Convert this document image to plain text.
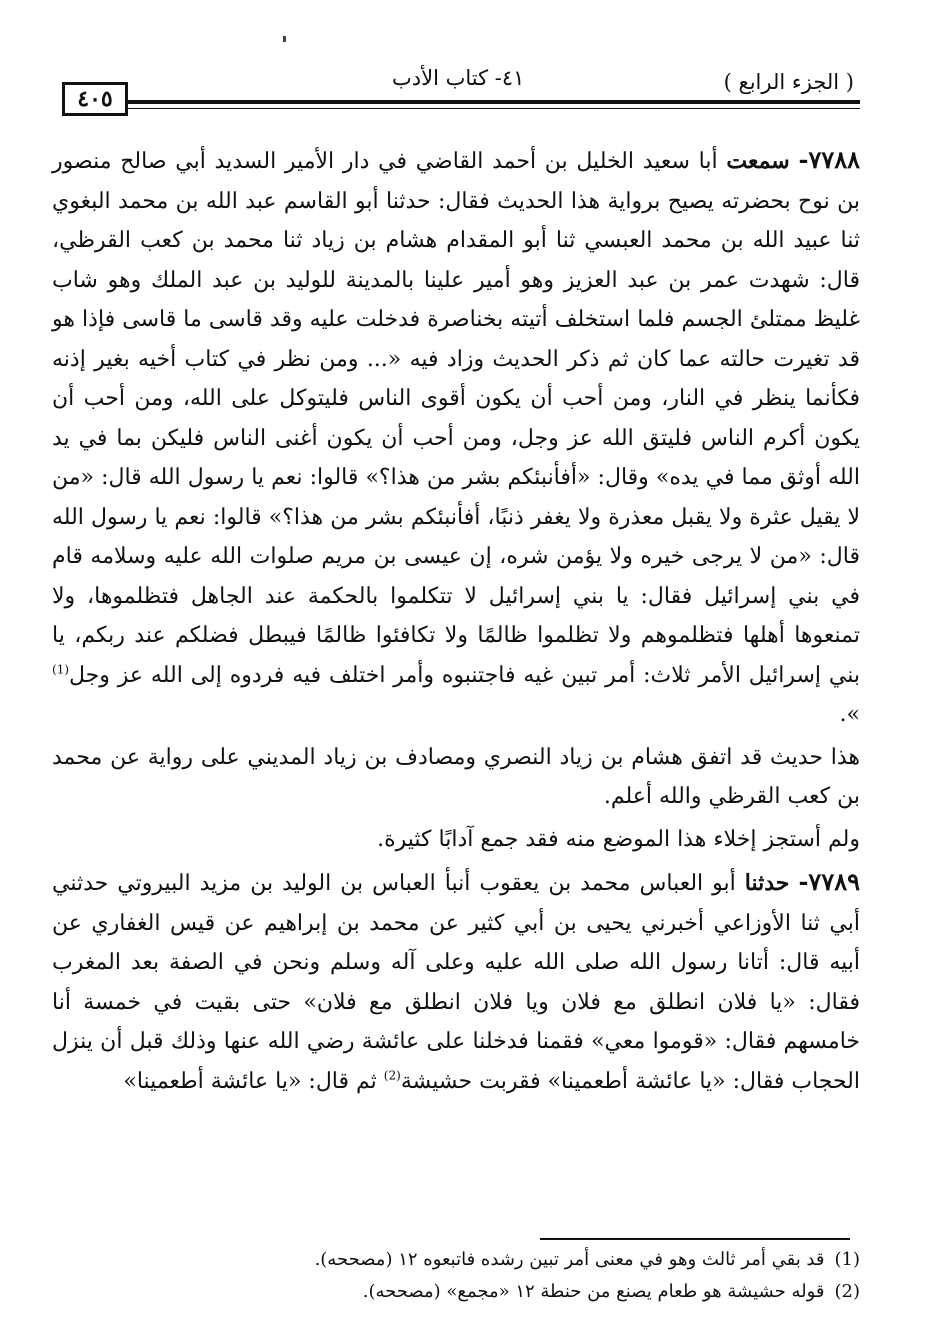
٤٠٥
٤١- كتاب الأدب	( الجزء الرابع )

٧٧٨٨- سمعت أبا سعيد الخليل بن أحمد القاضي في دار الأمير السديد أبي صالح منصور بن نوح بحضرته يصيح برواية هذا الحديث فقال: حدثنا أبو القاسم عبد الله بن محمد البغوي ثنا عبيد الله بن محمد العبسي ثنا أبو المقدام هشام بن زياد ثنا محمد بن كعب القرظي، قال: شهدت عمر بن عبد العزيز وهو أمير علينا بالمدينة للوليد بن عبد الملك وهو شاب غليظ ممتلئ الجسم فلما استخلف أتيته بخناصرة فدخلت عليه وقد قاسى ما قاسى فإذا هو قد تغيرت حالته عما كان ثم ذكر الحديث وزاد فيه «... ومن نظر في كتاب أخيه بغير إذنه فكأنما ينظر في النار، ومن أحب أن يكون أقوى الناس فليتوكل على الله، ومن أحب أن يكون أكرم الناس فليتق الله عز وجل، ومن أحب أن يكون أغنى الناس فليكن بما في يد الله أوثق مما في يده» وقال: «أفأنبئكم بشر من هذا؟» قالوا: نعم يا رسول الله قال: «من لا يقيل عثرة ولا يقبل معذرة ولا يغفر ذنبًا، أفأنبئكم بشر من هذا؟» قالوا: نعم يا رسول الله قال: «من لا يرجى خيره ولا يؤمن شره، إن عيسى بن مريم صلوات الله عليه وسلامه قام في بني إسرائيل فقال: يا بني إسرائيل لا تتكلموا بالحكمة عند الجاهل فتظلموها، ولا تمنعوها أهلها فتظلموهم ولا تظلموا ظالمًا ولا تكافئوا ظالمًا فيبطل فضلكم عند ربكم، يا بني إسرائيل الأمر ثلاث: أمر تبين غيه فاجتنبوه وأمر اختلف فيه فردوه إلى الله عز وجل$^{(1)}$ ».

هذا حديث قد اتفق هشام بن زياد النصري ومصادف بن زياد المديني على رواية عن محمد بن كعب القرظي والله أعلم.

ولم أستجز إخلاء هذا الموضع منه فقد جمع آدابًا كثيرة.

٧٧٨٩- حدثنا أبو العباس محمد بن يعقوب أنبأ العباس بن الوليد بن مزيد البيروتي حدثني أبي ثنا الأوزاعي أخبرني يحيى بن أبي كثير عن محمد بن إبراهيم عن قيس الغفاري عن أبيه قال: أتانا رسول الله صلى الله عليه وعلى آله وسلم ونحن في الصفة بعد المغرب فقال: «يا فلان انطلق مع فلان ويا فلان انطلق مع فلان» حتى بقيت في خمسة أنا خامسهم فقال: «قوموا معي» فقمنا فدخلنا على عائشة رضي الله عنها وذلك قبل أن ينزل الحجاب فقال: «يا عائشة أطعمينا» فقربت حشيشة$^{(2)}$ ثم قال: «يا عائشة أطعمينا»

(1)قد بقي أمر ثالث وهو في معنى أمر تبين رشده فاتبعوه ١٢ (مصححه).
(2)قوله حشيشة هو طعام يصنع من حنطة ١٢ «مجمع» (مصححه).
